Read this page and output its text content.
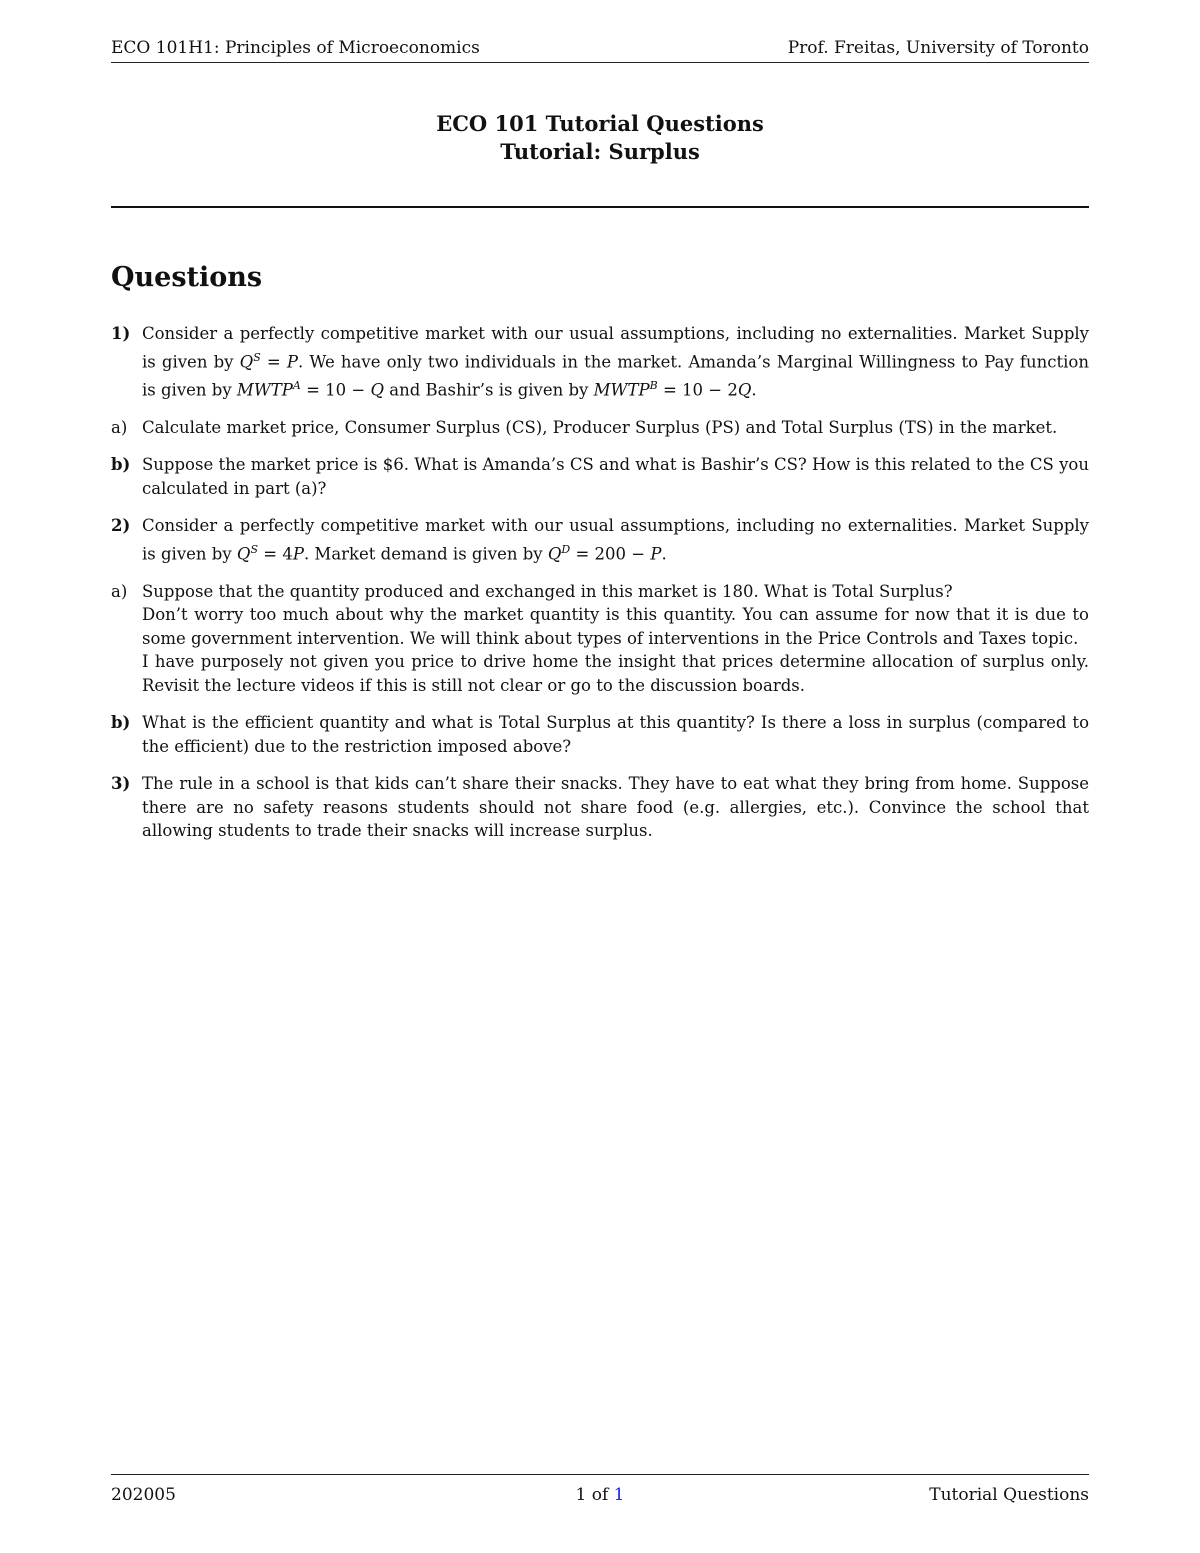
ECO 101H1: Principles of Microeconomics	Prof. Freitas, University of Toronto
ECO 101 Tutorial Questions
Tutorial: Surplus
Questions
1) Consider a perfectly competitive market with our usual assumptions, including no externalities. Market Supply is given by $Q^S = P$. We have only two individuals in the market. Amanda’s Marginal Willingness to Pay function is given by $MWTP^A = 10 - Q$ and Bashir’s is given by $MWTP^B = 10 - 2Q$.
a) Calculate market price, Consumer Surplus (CS), Producer Surplus (PS) and Total Surplus (TS) in the market.
b) Suppose the market price is $6. What is Amanda’s CS and what is Bashir’s CS? How is this related to the CS you calculated in part (a)?
2) Consider a perfectly competitive market with our usual assumptions, including no externalities. Market Supply is given by $Q^S = 4P$. Market demand is given by $Q^D = 200 - P$.
a) Suppose that the quantity produced and exchanged in this market is 180. What is Total Surplus?
Don’t worry too much about why the market quantity is this quantity. You can assume for now that it is due to some government intervention. We will think about types of interventions in the Price Controls and Taxes topic.
I have purposely not given you price to drive home the insight that prices determine allocation of surplus only. Revisit the lecture videos if this is still not clear or go to the discussion boards.
b) What is the efficient quantity and what is Total Surplus at this quantity? Is there a loss in surplus (compared to the efficient) due to the restriction imposed above?
3) The rule in a school is that kids can’t share their snacks. They have to eat what they bring from home. Suppose there are no safety reasons students should not share food (e.g. allergies, etc.). Convince the school that allowing students to trade their snacks will increase surplus.
202005	1 of 1	Tutorial Questions
